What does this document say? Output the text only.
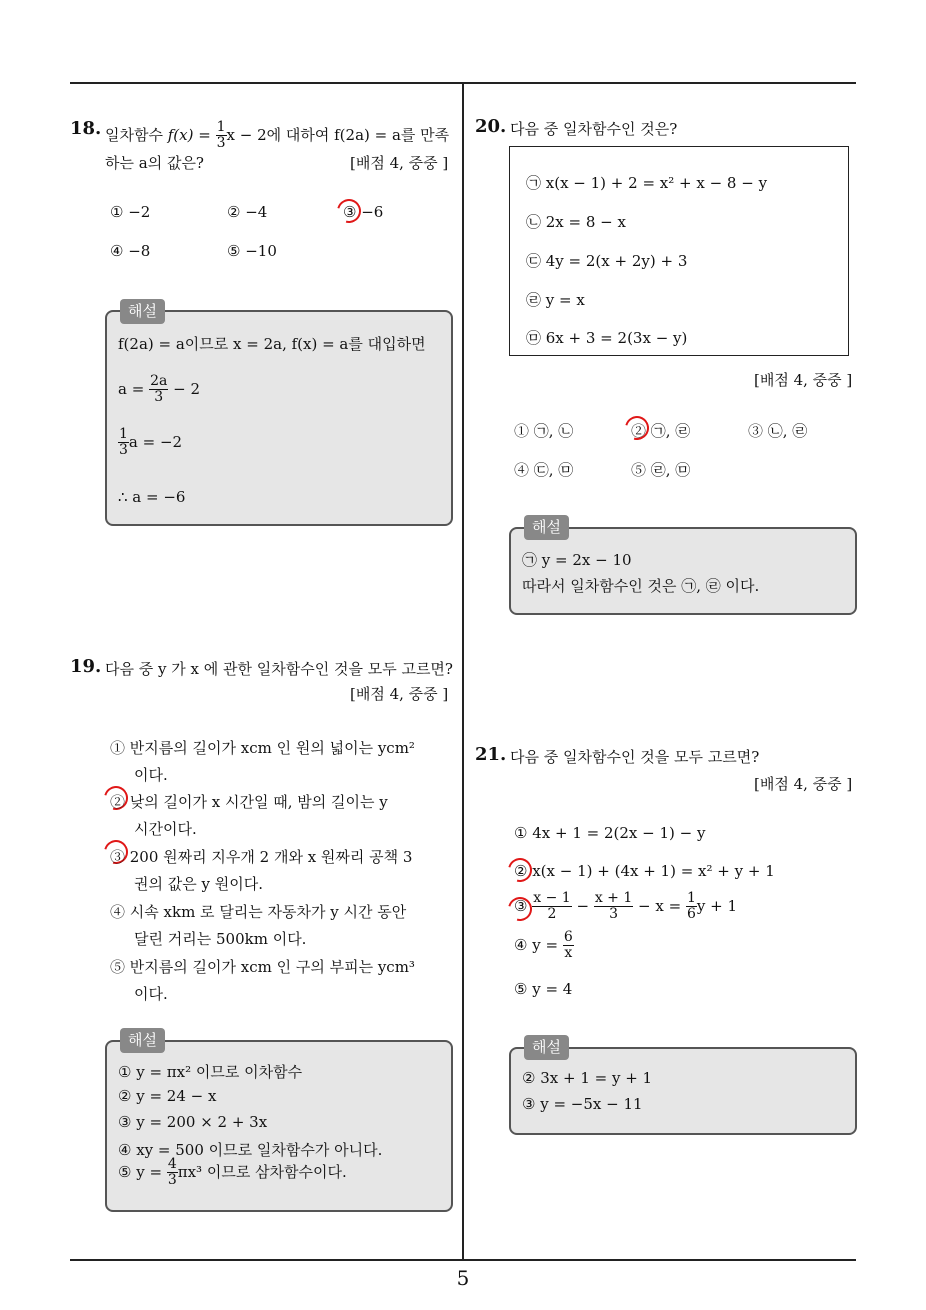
18. 일차함수 $f(x) = \frac{1}{3}$ x − 2에 대하여 f(2a) = a를 만족
하는 a의 값은?	[배점 4, 중중 ]
① −2	② −4	③ −6
④ −8	⑤ −10
해설
f(2a) = a이므로 x = 2a, f(x) = a를 대입하면
$a = \frac{2a}{3} - 2$
$\frac{1}{3}$ a = −2
∴ a = −6
19. 다음 중 y 가 x 에 관한 일차함수인 것을 모두 고르면?
[배점 4, 중중 ]
① 반지름의 길이가 xcm 인 원의 넓이는 ycm²
이다.
② 낮의 길이가 x 시간일 때, 밤의 길이는 y
시간이다.
③ 200 원짜리 지우개 2 개와 x 원짜리 공책 3
권의 값은 y 원이다.
④ 시속 xkm 로 달리는 자동차가 y 시간 동안
달린 거리는 500km 이다.
⑤ 반지름의 길이가 xcm 인 구의 부피는 ycm³
이다.
해설
① y = πx² 이므로 이차함수
② y = 24 − x
③ y = 200 × 2 + 3x
④ xy = 500 이므로 일차함수가 아니다.
⑤ $y = \frac{4}{3} \pi x^3$ 이므로 삼차함수이다.
20. 다음 중 일차함수인 것은?
㉠ x(x − 1) + 2 = x² + x − 8 − y
㉡ 2x = 8 − x
㉢ 4y = 2(x + 2y) + 3
㉣ y = x
㉤ 6x + 3 = 2(3x − y)
[배점 4, 중중 ]
① ㉠, ㉡	② ㉠, ㉣	③ ㉡, ㉣
④ ㉢, ㉤	⑤ ㉣, ㉤
해설
㉠ y = 2x − 10
따라서 일차함수인 것은 ㉠, ㉣ 이다.
21. 다음 중 일차함수인 것을 모두 고르면?
[배점 4, 중중 ]
① 4x + 1 = 2(2x − 1) − y
② x(x − 1) + (4x + 1) = x² + y + 1
③ $\frac{x - 1}{2} - \frac{x + 1}{3} - x = \frac{1}{6}$ y + 1
④ $y = \frac{6}{x}$
⑤ y = 4
해설
② 3x + 1 = y + 1
③ y = −5x − 11
5
